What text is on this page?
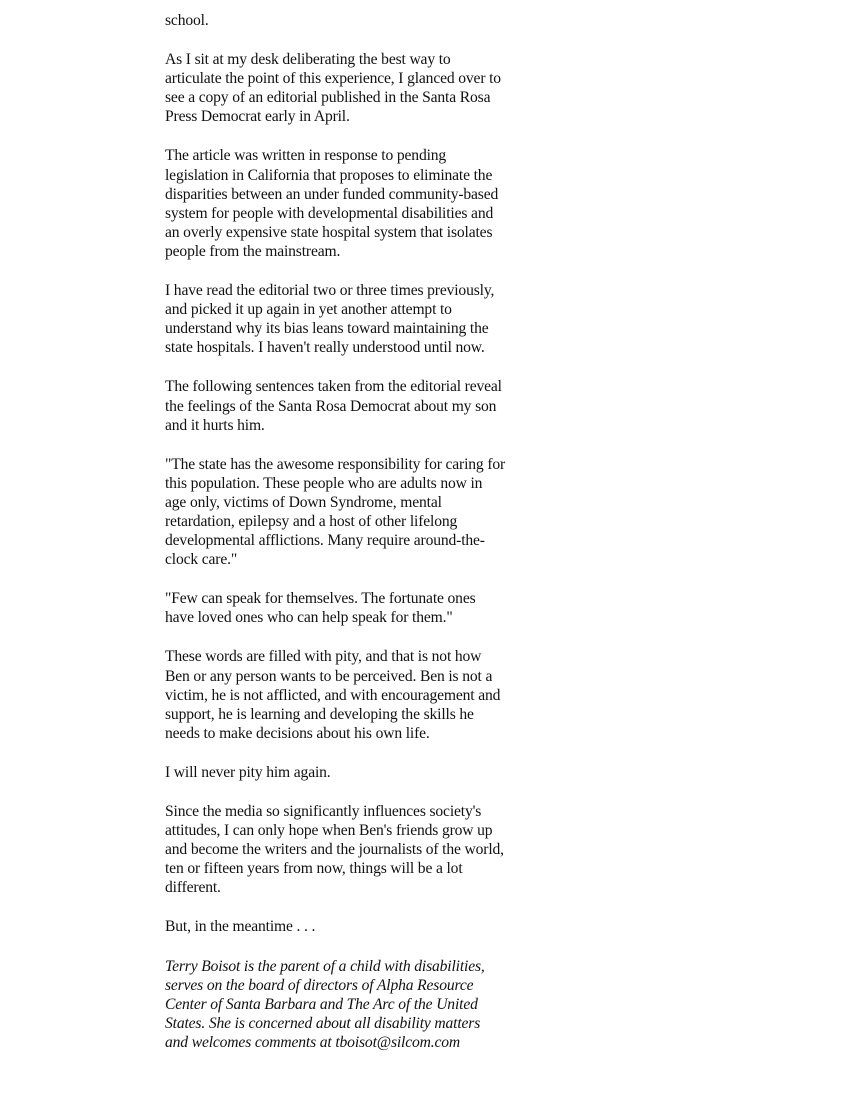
school.

As I sit at my desk deliberating the best way to
articulate the point of this experience, I glanced over to
see a copy of an editorial published in the Santa Rosa
Press Democrat early in April.

The article was written in response to pending
legislation in California that proposes to eliminate the
disparities between an under funded community-based
system for people with developmental disabilities and
an overly expensive state hospital system that isolates
people from the mainstream.

I have read the editorial two or three times previously,
and picked it up again in yet another attempt to
understand why its bias leans toward maintaining the
state hospitals. I haven't really understood until now.

The following sentences taken from the editorial reveal
the feelings of the Santa Rosa Democrat about my son
and it hurts him.

"The state has the awesome responsibility for caring for
this population. These people who are adults now in
age only, victims of Down Syndrome, mental
retardation, epilepsy and a host of other lifelong
developmental afflictions. Many require around-the-
clock care."

"Few can speak for themselves. The fortunate ones
have loved ones who can help speak for them."

These words are filled with pity, and that is not how
Ben or any person wants to be perceived. Ben is not a
victim, he is not afflicted, and with encouragement and
support, he is learning and developing the skills he
needs to make decisions about his own life.

I will never pity him again.

Since the media so significantly influences society's
attitudes, I can only hope when Ben's friends grow up
and become the writers and the journalists of the world,
ten or fifteen years from now, things will be a lot
different.

But, in the meantime . . .

Terry Boisot is the parent of a child with disabilities,
serves on the board of directors of Alpha Resource
Center of Santa Barbara and The Arc of the United
States. She is concerned about all disability matters
and welcomes comments at tboisot@silcom.com
